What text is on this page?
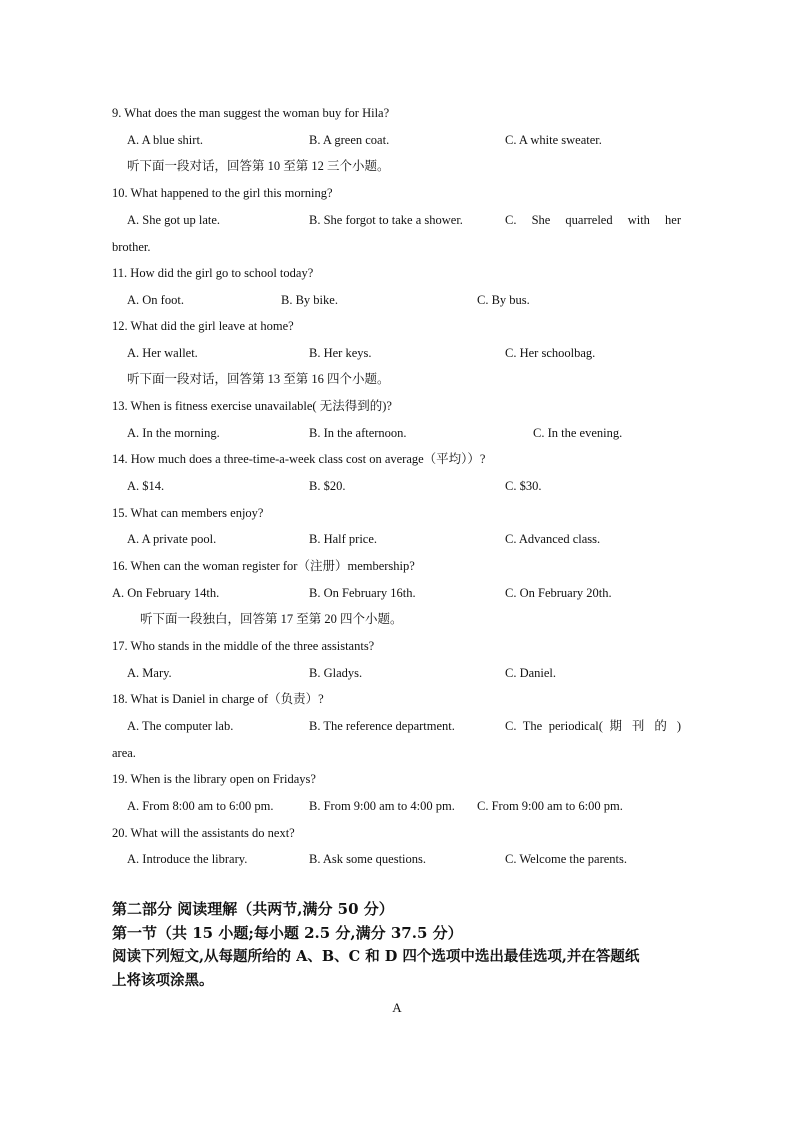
9. What does the man suggest the woman buy for Hila?
A. A blue shirt.	B. A green coat.	C. A white sweater.
听下面一段对话，回答第 10 至第 12 三个小题。
10. What happened to the girl this morning?
A. She got up late.	B. She forgot to take a shower.	C. She quarreled with her
brother.
11. How did the girl go to school today?
A. On foot.	B. By bike.	C. By bus.
12. What did the girl leave at home?
A. Her wallet.	B. Her keys.	C. Her schoolbag.
听下面一段对话，回答第 13 至第 16 四个小题。
13. When is fitness exercise unavailable( 无法得到的)?
A. In the morning.	B. In the afternoon.	C. In the evening.
14. How much does a three-time-a-week class cost on average（平均））?
A. $14.	B. $20.	C. $30.
15. What can members enjoy?
A. A private pool.	B. Half price.	C. Advanced class.
16. When can the woman register for（注册）membership?
A. On February 14th.	B. On February 16th.	C. On February 20th.
听下面一段独白，回答第 17 至第 20 四个小题。
17. Who stands in the middle of the three assistants?
A. Mary.	B. Gladys.	C. Daniel.
18. What is Daniel in charge of（负责）?
A. The computer lab.	B. The reference department.	C. The periodical( 期 刊 的 )
area.
19. When is the library open on Fridays?
A. From 8:00 am to 6:00 pm.	B. From 9:00 am to 4:00 pm. C. From 9:00 am to 6:00 pm.
20. What will the assistants do next?
A. Introduce the library.	B. Ask some questions.	C. Welcome the parents.
第二部分 阅读理解（共两节,满分 50 分）
第一节（共 15 小题;每小题 2.5 分,满分 37.5 分）
阅读下列短文,从每题所给的 A、B、C 和 D 四个选项中选出最佳选项,并在答题纸
上将该项涂黑。
A
